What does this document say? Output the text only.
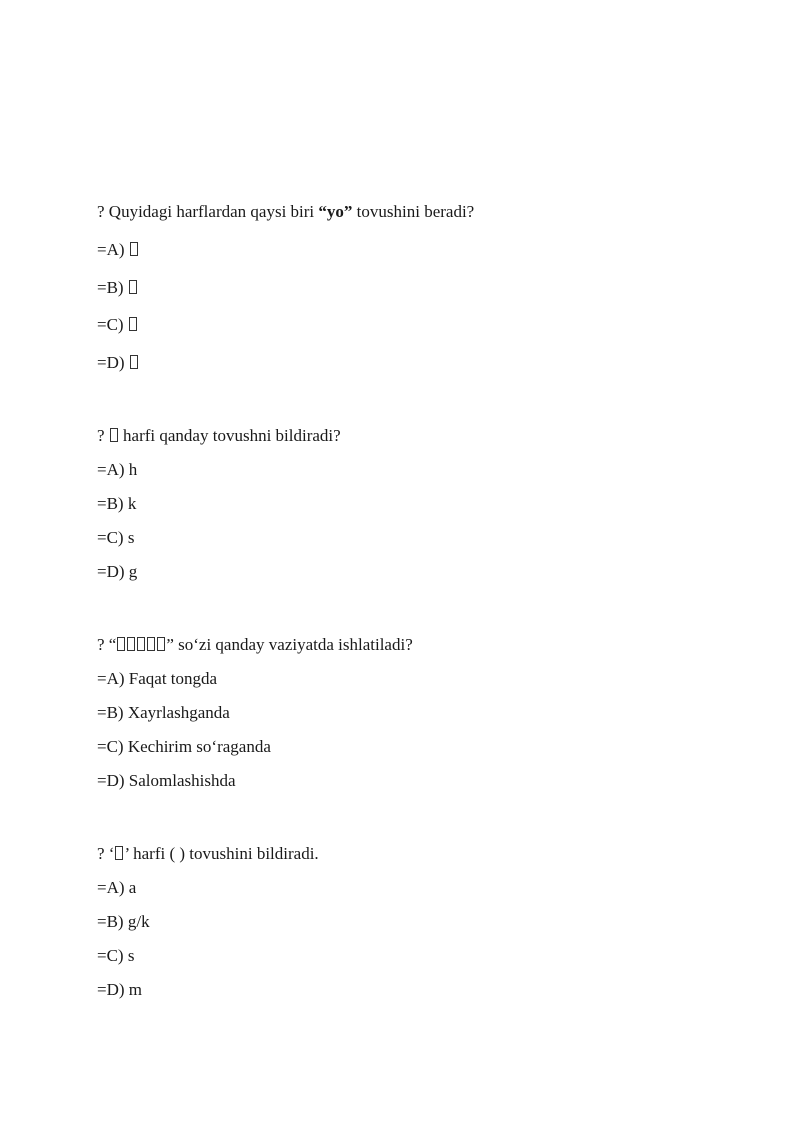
? Quyidagi harflardan qaysi biri “yo” tovushini beradi?
=A)
=B)
=C)
=D)
?  harfi qanday tovushni bildiradi?
=A) h
=B) k
=C) s
=D) g
? “	” so‘zi qanday vaziyatda ishlatiladi?
=A) Faqat tongda
=B) Xayrlashganda
=C) Kechirim so‘raganda
=D) Salomlashishda
? ‘ ’ harfi ( ) tovushini bildiradi.
=A) a
=B) g/k
=C) s
=D) m
